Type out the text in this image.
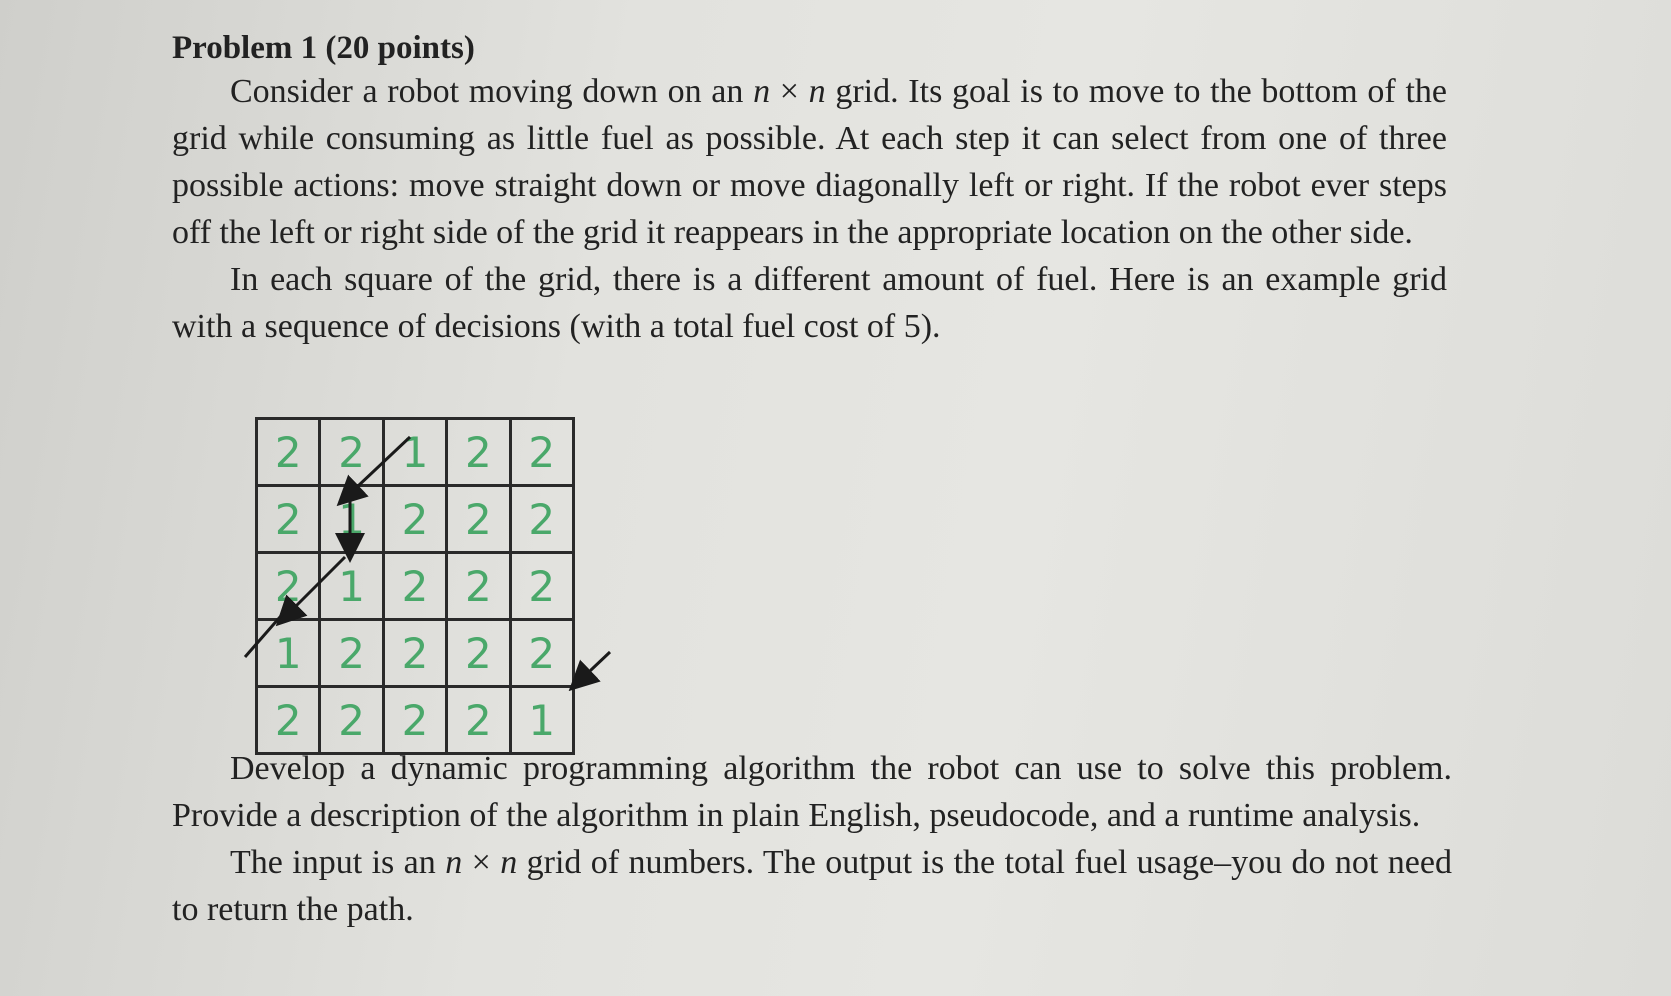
Problem 1 (20 points)

Consider a robot moving down on an n × n grid. Its goal is to move to the bottom of the grid while consuming as little fuel as possible. At each step it can select from one of three possible actions: move straight down or move diagonally left or right. If the robot ever steps off the left or right side of the grid it reappears in the appropriate location on the other side.

In each square of the grid, there is a different amount of fuel. Here is an example grid with a sequence of decisions (with a total fuel cost of 5).

2	2	1	2	2
2	1	2	2	2
2	1	2	2	2
1	2	2	2	2
2	2	2	2	1

Develop a dynamic programming algorithm the robot can use to solve this problem. Provide a description of the algorithm in plain English, pseudocode, and a runtime analysis.

The input is an n × n grid of numbers. The output is the total fuel usage–you do not need to return the path.
